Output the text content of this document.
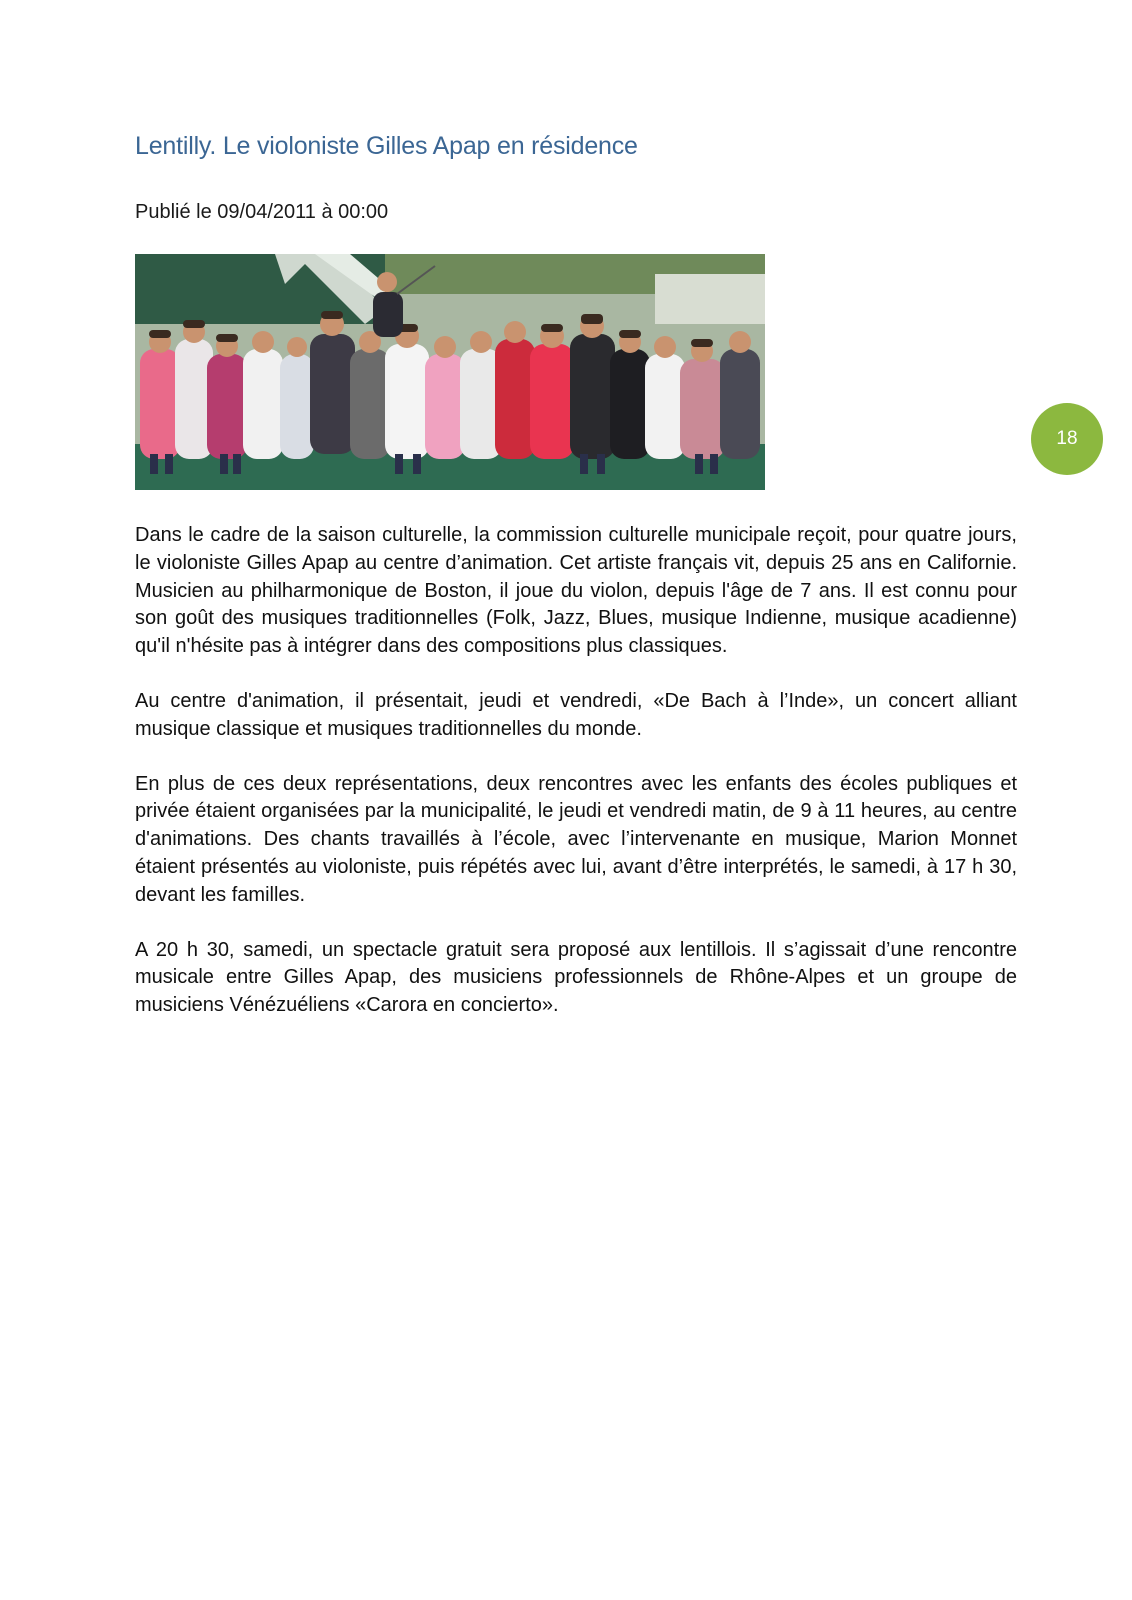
Lentilly. Le violoniste Gilles Apap en résidence

Publié le 09/04/2011 à 00:00

18

Dans le cadre de la saison culturelle, la commission culturelle municipale reçoit, pour quatre jours, le violoniste Gilles Apap au centre d’animation. Cet artiste français vit, depuis 25 ans en Californie. Musicien au philharmonique de Boston, il joue du violon, depuis l'âge de 7 ans. Il est connu pour son goût des musiques traditionnelles (Folk, Jazz, Blues, musique Indienne, musique acadienne) qu'il n'hésite pas à intégrer dans des compositions plus classiques.

Au centre d'animation, il présentait, jeudi et vendredi, «De Bach à l’Inde», un concert alliant musique classique et musiques traditionnelles du monde.

En plus de ces deux représentations, deux rencontres avec les enfants des écoles publiques et privée étaient organisées par la municipalité, le jeudi et vendredi matin, de 9 à 11 heures, au centre d'animations. Des chants travaillés à l’école, avec l’intervenante en musique, Marion Monnet étaient présentés au violoniste, puis répétés avec lui, avant d’être interprétés, le samedi, à 17 h 30, devant les familles.

A 20 h 30, samedi, un spectacle gratuit sera proposé aux lentillois. Il s’agissait d’une rencontre musicale entre Gilles Apap, des musiciens professionnels de Rhône-Alpes et un groupe de musiciens Vénézuéliens «Carora en concierto».
